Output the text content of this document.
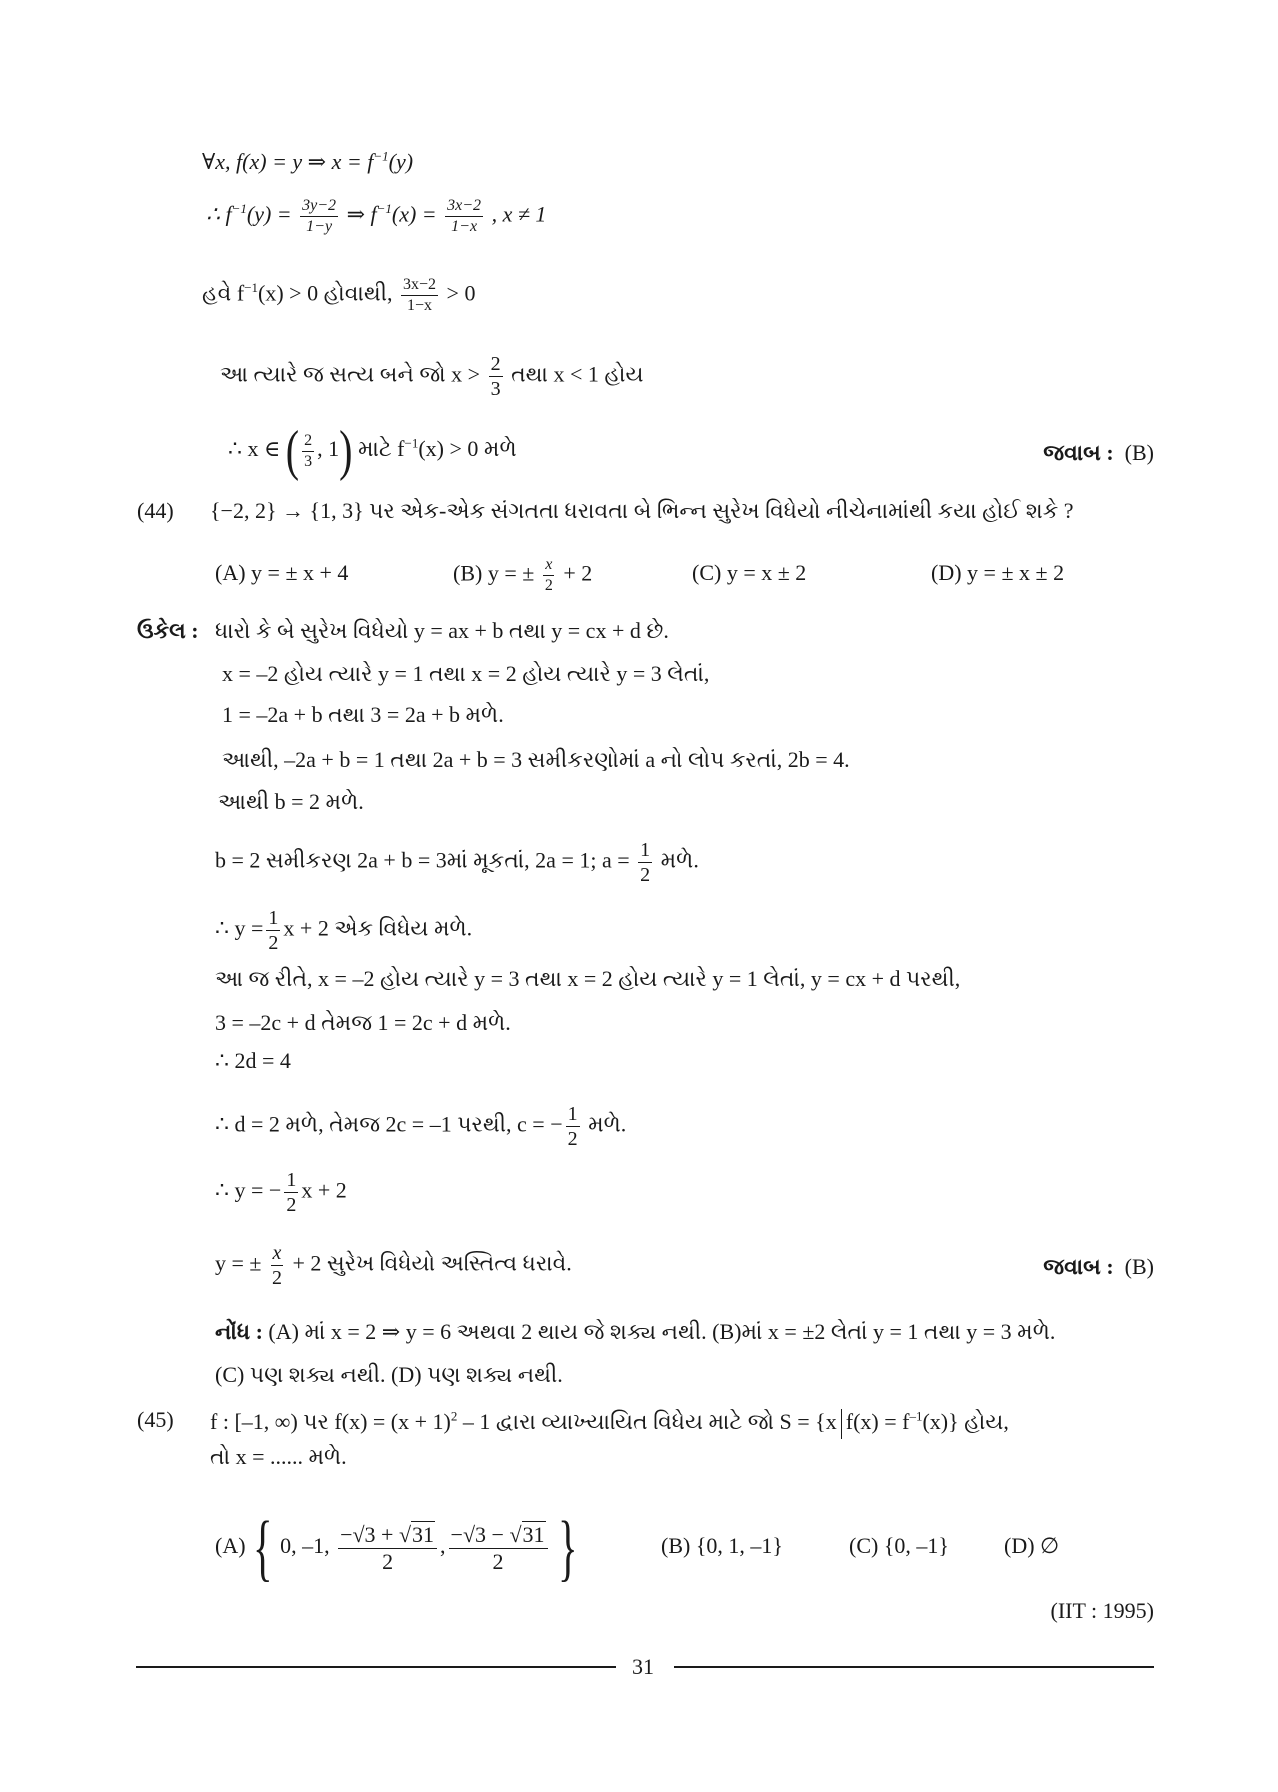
∀x, f(x) = y ⇒ $x = f^{-1}(y)$
∴ $f^{-1}(y) = \frac{3y-2}{1-y}$ ⇒ $f^{-1}(x) = \frac{3x-2}{1-x}$ , x ≠ 1
હવે $f^{-1}(x) > 0$ હોવાથી, $\frac{3x-2}{1-x} > 0$
આ ત્યારે જ સત્ય બને જો $x > \frac{2}{3}$ તથા x < 1 હોય
∴ x ∈ ( $\frac{2}{3}$ , 1) માટે $f^{-1}(x) > 0$ મળે	જવાબ : (B)
(44) {−2, 2} → {1, 3} પર એક-એક સંગતતા ધરાવતા બે ભિન્ન સુરેખ વિધેયો નીચેનામાંથી કયા હોઈ શકે ?
(A) y = ± x + 4	(B) y = ± $\frac{x}{2} + 2$	(C) y = x ± 2	(D) y = ± x ± 2
ઉકેલ : ધારો કે બે સુરેખ વિધેયો y = ax + b તથા y = cx + d છે.
x = –2 હોય ત્યારે y = 1 તથા x = 2 હોય ત્યારે y = 3 લેતાં,
1 = –2a + b તથા 3 = 2a + b મળે.
આથી, –2a + b = 1 તથા 2a + b = 3 સમીકરણોમાં a નો લોપ કરતાં, 2b = 4.
આથી b = 2 મળે.
b = 2 સમીકરણ 2a + b = 3માં મૂકતાં, 2a = 1; $a = \frac{1}{2}$ મળે.
∴ $y = \frac{1}{2}$ x + 2 એક વિધેય મળે.
આ જ રીતે, x = –2 હોય ત્યારે y = 3 તથા x = 2 હોય ત્યારે y = 1 લેતાં, y = cx + d પરથી,
3 = –2c + d તેમજ 1 = 2c + d મળે.
∴ 2d = 4
∴ d = 2 મળે, તેમજ 2c = –1 પરથી, c = − $\frac{1}{2}$ મળે.
∴ y = − $\frac{1}{2}$ x + 2
y = ± $\frac{x}{2} + 2$ સુરેખ વિધેયો અસ્તિત્વ ધરાવે.	જવાબ : (B)
નોંધ : (A) માં x = 2 ⇒ y = 6 અથવા 2 થાય જે શક્ય નથી. (B)માં x = ±2 લેતાં y = 1 તથા y = 3 મળે.
(C) પણ શક્ય નથી. (D) પણ શક્ય નથી.
(45) f : [–1, ∞) પર $f(x) = (x + 1)^2 - 1$ દ્વારા વ્યાખ્યાયિત વિધેય માટે જો S = {x $f(x) = f^{-1}(x)$} હોય,
તો x = ...... મળે.
(A) { 0, –1, $\frac{-√3 + √31}{2}$ , $\frac{-√3 - √31}{2}$ }	(B) {0, 1, –1}	(C) {0, –1}	(D) ∅
(IIT : 1995)
31
